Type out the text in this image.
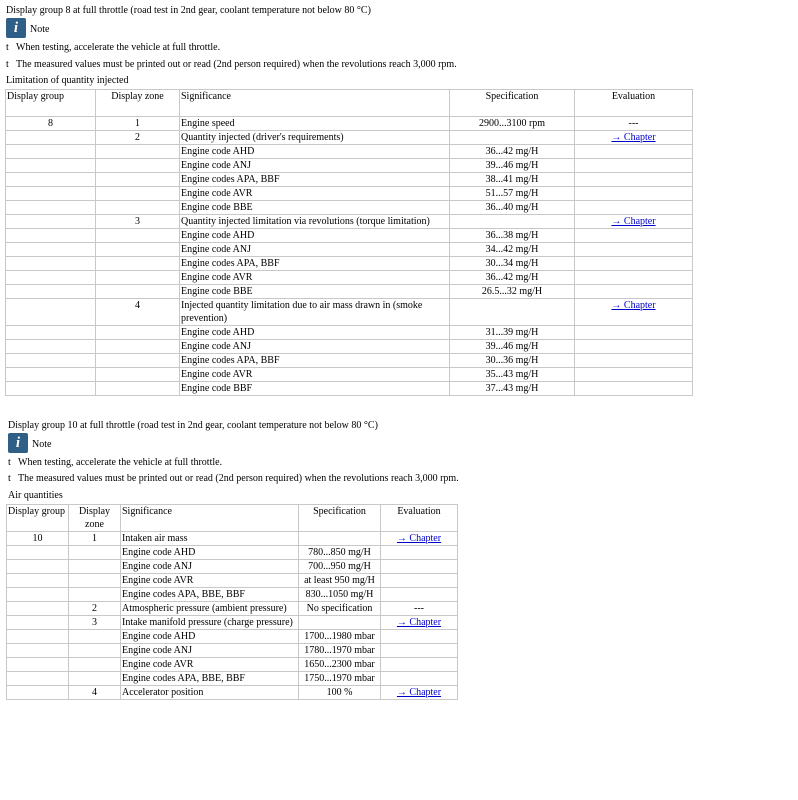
Display group 8 at full throttle (road test in 2nd gear, coolant temperature not below 80 °C)
i	Note
t When testing, accelerate the vehicle at full throttle.
t The measured values must be printed out or read (2nd person required) when the revolutions reach 3,000 rpm.
Limitation of quantity injected
Display group	Display zone	Significance	Specification	Evaluation
8	1	Engine speed	2900...3100 rpm	---
	2	Quantity injected (driver's requirements)		→ Chapter
		Engine code AHD	36...42 mg/H	
		Engine code ANJ	39...46 mg/H	
		Engine codes APA, BBF	38...41 mg/H	
		Engine code AVR	51...57 mg/H	
		Engine code BBE	36...40 mg/H	
	3	Quantity injected limitation via revolutions (torque limitation)		→ Chapter
		Engine code AHD	36...38 mg/H	
		Engine code ANJ	34...42 mg/H	
		Engine codes APA, BBF	30...34 mg/H	
		Engine code AVR	36...42 mg/H	
		Engine code BBE	26.5...32 mg/H	
	4	Injected quantity limitation due to air mass drawn in (smoke prevention)		→ Chapter
		Engine code AHD	31...39 mg/H	
		Engine code ANJ	39...46 mg/H	
		Engine codes APA, BBF	30...36 mg/H	
		Engine code AVR	35...43 mg/H	
		Engine code BBF	37...43 mg/H	
Display group 10 at full throttle (road test in 2nd gear, coolant temperature not below 80 °C)
i	Note
t When testing, accelerate the vehicle at full throttle.
t The measured values must be printed out or read (2nd person required) when the revolutions reach 3,000 rpm.
Air quantities
Display group	Display zone	Significance	Specification	Evaluation
10	1	Intaken air mass		→ Chapter
		Engine code AHD	780...850 mg/H	
		Engine code ANJ	700...950 mg/H	
		Engine code AVR	at least 950 mg/H	
		Engine codes APA, BBE, BBF	830...1050 mg/H	
	2	Atmospheric pressure (ambient pressure)	No specification	---
	3	Intake manifold pressure (charge pressure)		→ Chapter
		Engine code AHD	1700...1980 mbar	
		Engine code ANJ	1780...1970 mbar	
		Engine code AVR	1650...2300 mbar	
		Engine codes APA, BBE, BBF	1750...1970 mbar	
	4	Accelerator position	100 %	→ Chapter
